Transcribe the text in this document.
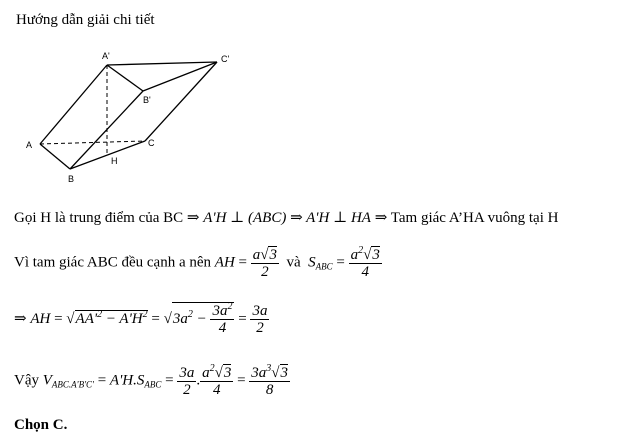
Hướng dẫn giải chi tiết
A'	C'
B'
A	C
H
B
Gọi H là trung điểm của BC ⇒ A'H ⊥ (ABC) ⇒ A'H ⊥ HA ⇒ Tam giác A’HA vuông tại H
Vì tam giác ABC đều cạnh a nên AH = $\frac{a√3}{2}$ và $S_{ABC} = \frac{a^2√3}{4}$
⇒ AH = $√AA'^2 - A'H^2 = √3a^2 - \frac{3a^2}{4} = \frac{3a}{2}$
Vậy $V_{ABC.A'B'C'} = A'H.S_{ABC} = \frac{3a}{2}$ . $\frac{a^2√3}{4} = \frac{3a^3√3}{8}$
Chọn C.
